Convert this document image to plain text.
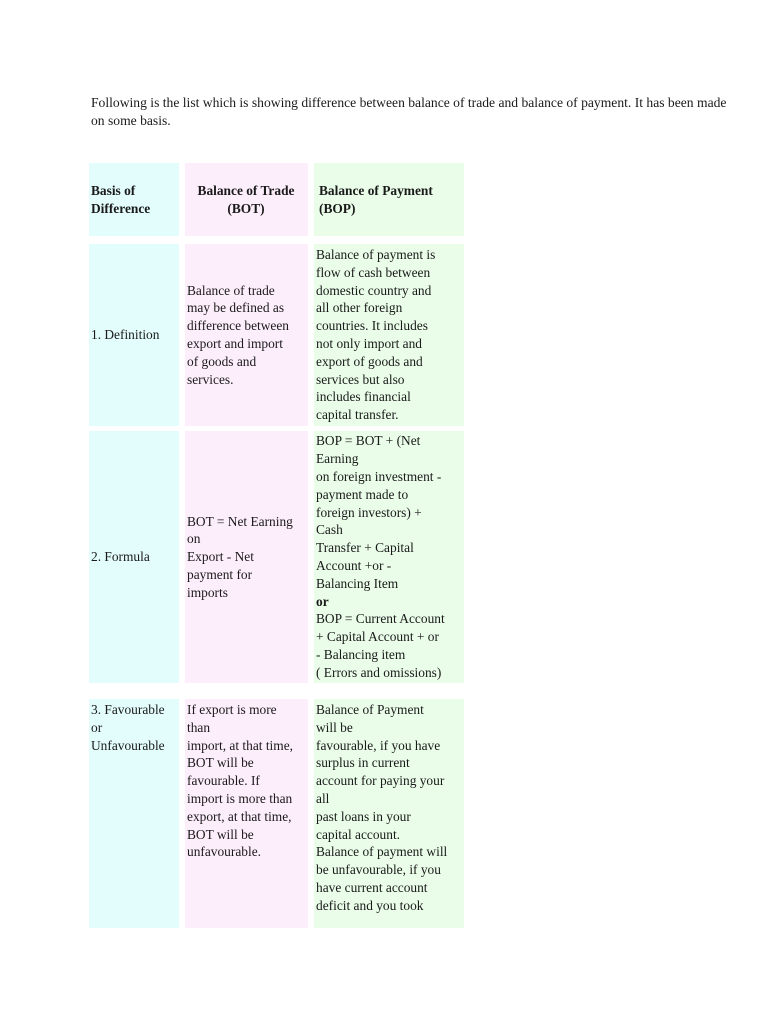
Following is the list which is showing difference between balance of trade and balance of payment. It has been made on some basis.

Basis of
Difference
Balance of Trade
(BOT)
Balance of Payment
(BOP)
1. Definition
Balance of trade
may be defined as
difference between
export and import
of goods and
services.
Balance of payment is
flow of cash between
domestic country and
all other foreign
countries. It includes
not only import and
export of goods and
services but also
includes financial
capital transfer.
2. Formula
BOT = Net Earning
on
Export - Net
payment for
imports
BOP = BOT + (Net
Earning
on foreign investment -
payment made to
foreign investors) +
Cash
Transfer + Capital
Account +or -
Balancing Item
or
BOP = Current Account
+ Capital Account + or
- Balancing item
( Errors and omissions)
3. Favourable
or
Unfavourable
If export is more
than
import, at that time,
BOT will be
favourable. If
import is more than
export, at that time,
BOT will be
unfavourable.
Balance of Payment
will be
favourable, if you have
surplus in current
account for paying your
all
past loans in your
capital account.
Balance of payment will
be unfavourable, if you
have current account
deficit and you took
